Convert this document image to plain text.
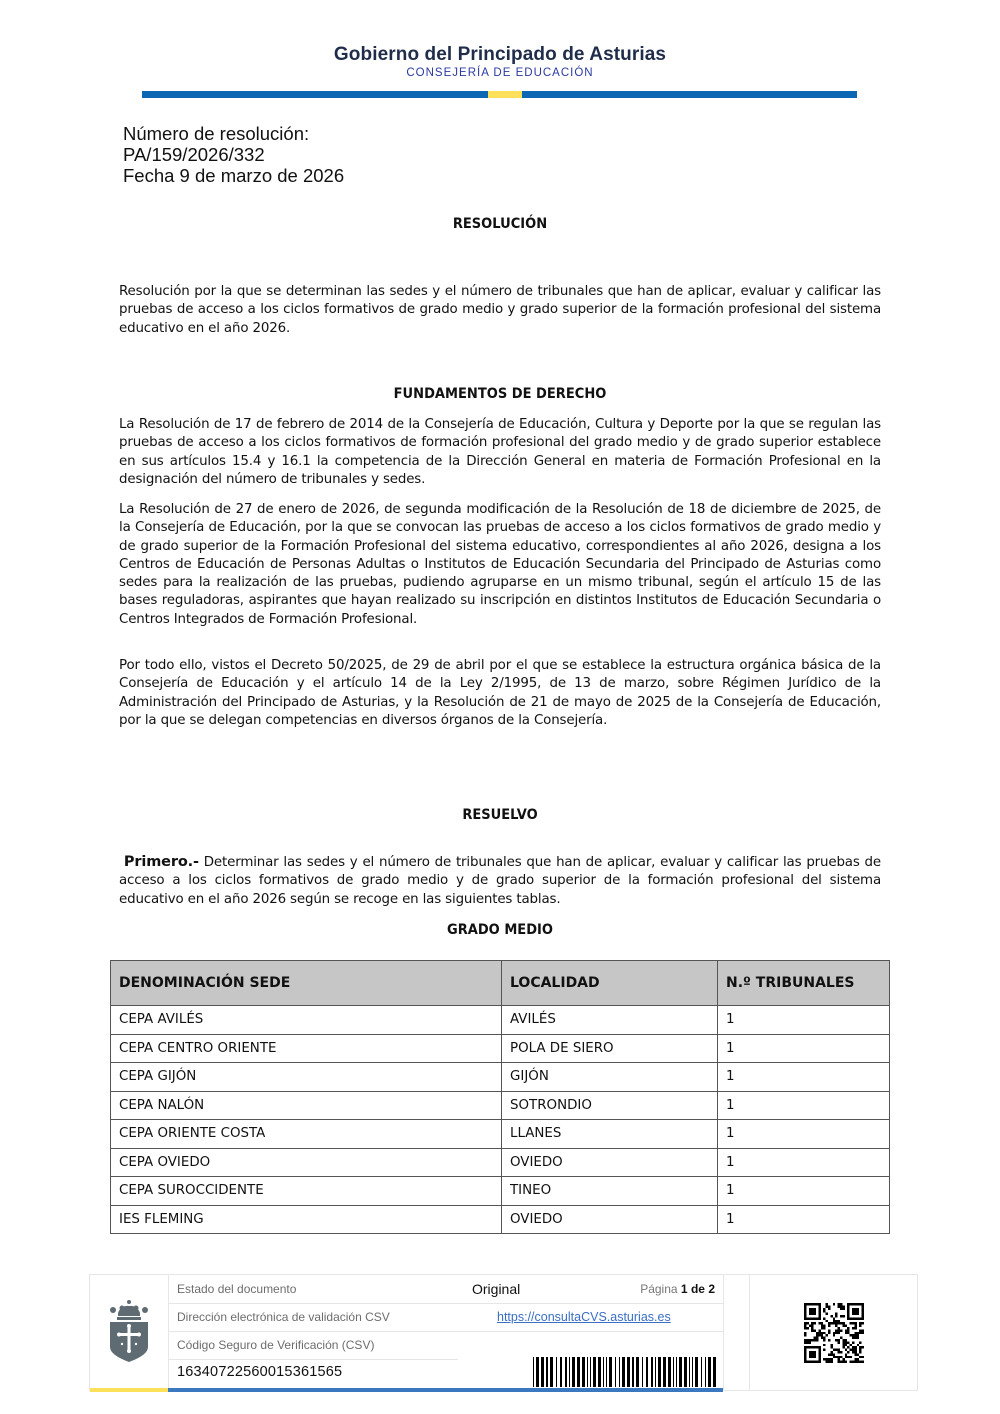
Gobierno del Principado de Asturias
CONSEJERÍA DE EDUCACIÓN
Número de resolución:
PA/159/2026/332
Fecha 9 de marzo de 2026
RESOLUCIÓN
Resolución por la que se determinan las sedes y el número de tribunales que han de aplicar, evaluar y calificar las pruebas de acceso a los ciclos formativos de grado medio y grado superior de la formación profesional del sistema educativo en el año 2026.
FUNDAMENTOS DE DERECHO
La Resolución de 17 de febrero de 2014 de la Consejería de Educación, Cultura y Deporte por la que se regulan las pruebas de acceso a los ciclos formativos de formación profesional del grado medio y de grado superior establece en sus artículos 15.4 y 16.1 la competencia de la Dirección General en materia de Formación Profesional en la designación del número de tribunales y sedes.
La Resolución de 27 de enero de 2026, de segunda modificación de la Resolución de 18 de diciembre de 2025, de la Consejería de Educación, por la que se convocan las pruebas de acceso a los ciclos formativos de grado medio y de grado superior de la Formación Profesional del sistema educativo, correspondientes al año 2026, designa a los Centros de Educación de Personas Adultas o Institutos de Educación Secundaria del Principado de Asturias como sedes para la realización de las pruebas, pudiendo agruparse en un mismo tribunal, según el artículo 15 de las bases reguladoras, aspirantes que hayan realizado su inscripción en distintos Institutos de Educación Secundaria o Centros Integrados de Formación Profesional.
Por todo ello, vistos el Decreto 50/2025, de 29 de abril por el que se establece la estructura orgánica básica de la Consejería de Educación y el artículo 14 de la Ley 2/1995, de 13 de marzo, sobre Régimen Jurídico de la Administración del Principado de Asturias, y la Resolución de 21 de mayo de 2025 de la Consejería de Educación, por la que se delegan competencias en diversos órganos de la Consejería.
RESUELVO
Primero.- Determinar las sedes y el número de tribunales que han de aplicar, evaluar y calificar las pruebas de acceso a los ciclos formativos de grado medio y de grado superior de la formación profesional del sistema educativo en el año 2026 según se recoge en las siguientes tablas.
GRADO MEDIO
DENOMINACIÓN SEDE	LOCALIDAD	N.º TRIBUNALES
CEPA AVILÉS	AVILÉS	1
CEPA CENTRO ORIENTE	POLA DE SIERO	1
CEPA GIJÓN	GIJÓN	1
CEPA NALÓN	SOTRONDIO	1
CEPA ORIENTE COSTA	LLANES	1
CEPA OVIEDO	OVIEDO	1
CEPA SUROCCIDENTE	TINEO	1
IES FLEMING	OVIEDO	1
Estado del documento	Original	Página 1 de 2
Dirección electrónica de validación CSV	https://consultaCVS.asturias.es
Código Seguro de Verificación (CSV)
16340722560015361565
